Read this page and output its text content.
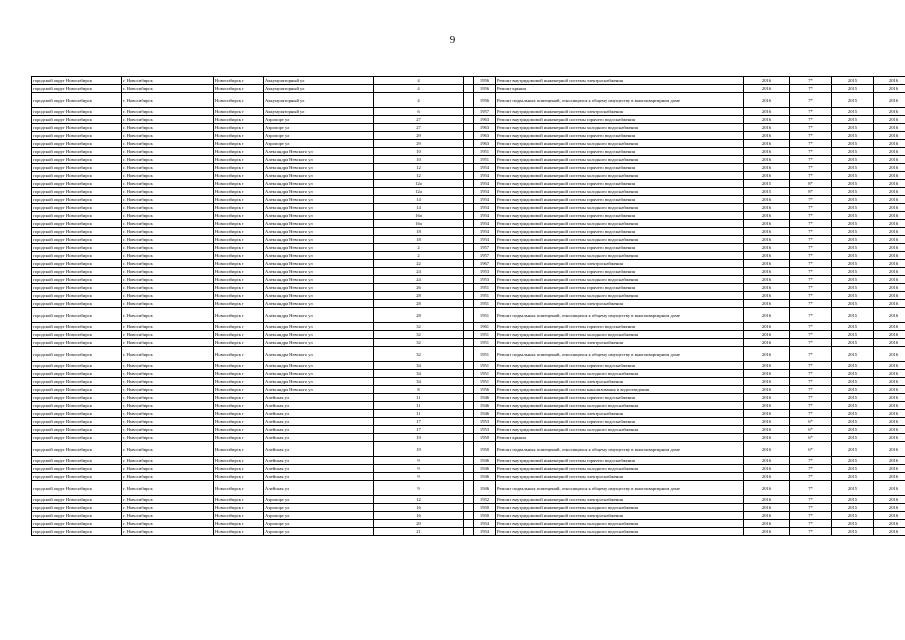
9
городской округ Новосибирск	г. Новосибирск	Новосибирск г	Аккумуляторный ул	4		1956	Ремонт внутридомовой инженерной системы электроснабжения	2016	7*	2015	2016
городской округ Новосибирск	г. Новосибирск	Новосибирск г	Аккумуляторный ул	4		1956	Ремонт крыши	2016	7*	2015	2016
городской округ Новосибирск	г. Новосибирск	Новосибирск г	Аккумуляторный ул	4		1956	Ремонт подвальных помещений, относящихся к общему имуществу в многоквартирном доме	2016	7*	2015	2016
городской округ Новосибирск	г. Новосибирск	Новосибирск г	Аккумуляторный ул	6		1957	Ремонт внутридомовой инженерной системы электроснабжения	2016	7*	2015	2016
городской округ Новосибирск	г. Новосибирск	Новосибирск г	Аэропорт ул	27		1963	Ремонт внутридомовой инженерной системы горячего водоснабжения	2016	7*	2015	2016
городской округ Новосибирск	г. Новосибирск	Новосибирск г	Аэропорт ул	27		1963	Ремонт внутридомовой инженерной системы холодного водоснабжения	2016	7*	2015	2016
городской округ Новосибирск	г. Новосибирск	Новосибирск г	Аэропорт ул	29		1963	Ремонт внутридомовой инженерной системы горячего водоснабжения	2016	7*	2015	2016
городской округ Новосибирск	г. Новосибирск	Новосибирск г	Аэропорт ул	29		1963	Ремонт внутридомовой инженерной системы холодного водоснабжения	2016	7*	2015	2016
городской округ Новосибирск	г. Новосибирск	Новосибирск г	Александра Невского ул	10		1951	Ремонт внутридомовой инженерной системы горячего водоснабжения	2016	7*	2015	2016
городской округ Новосибирск	г. Новосибирск	Новосибирск г	Александра Невского ул	10		1951	Ремонт внутридомовой инженерной системы холодного водоснабжения	2016	7*	2015	2016
городской округ Новосибирск	г. Новосибирск	Новосибирск г	Александра Невского ул	12		1954	Ремонт внутридомовой инженерной системы горячего водоснабжения	2016	7*	2015	2016
городской округ Новосибирск	г. Новосибирск	Новосибирск г	Александра Невского ул	12		1954	Ремонт внутридомовой инженерной системы холодного водоснабжения	2016	7*	2015	2016
городской округ Новосибирск	г. Новосибирск	Новосибирск г	Александра Невского ул	12a		1954	Ремонт внутридомовой инженерной системы горячего водоснабжения	2015	8*	2015	2016
городской округ Новосибирск	г. Новосибирск	Новосибирск г	Александра Невского ул	12a		1954	Ремонт внутридомовой инженерной системы холодного водоснабжения	2015	8*	2015	2016
городской округ Новосибирск	г. Новосибирск	Новосибирск г	Александра Невского ул	14		1954	Ремонт внутридомовой инженерной системы горячего водоснабжения	2016	7*	2015	2016
городской округ Новосибирск	г. Новосибирск	Новосибирск г	Александра Невского ул	14		1954	Ремонт внутридомовой инженерной системы холодного водоснабжения	2016	7*	2015	2016
городской округ Новосибирск	г. Новосибирск	Новосибирск г	Александра Невского ул	16a		1954	Ремонт внутридомовой инженерной системы горячего водоснабжения	2016	7*	2015	2016
городской округ Новосибирск	г. Новосибирск	Новосибирск г	Александра Невского ул	16a		1954	Ремонт внутридомовой инженерной системы холодного водоснабжения	2016	7*	2015	2016
городской округ Новосибирск	г. Новосибирск	Новосибирск г	Александра Невского ул	18		1954	Ремонт внутридомовой инженерной системы горячего водоснабжения	2016	7*	2015	2016
городской округ Новосибирск	г. Новосибирск	Новосибирск г	Александра Невского ул	18		1954	Ремонт внутридомовой инженерной системы холодного водоснабжения	2016	7*	2015	2016
городской округ Новосибирск	г. Новосибирск	Новосибирск г	Александра Невского ул	2		1957	Ремонт внутридомовой инженерной системы горячего водоснабжения	2016	7*	2015	2016
городской округ Новосибирск	г. Новосибирск	Новосибирск г	Александра Невского ул	2		1957	Ремонт внутридомовой инженерной системы холодного водоснабжения	2016	7*	2015	2016
городской округ Новосибирск	г. Новосибирск	Новосибирск г	Александра Невского ул	22		1967	Ремонт внутридомовой инженерной системы электроснабжения	2016	7*	2015	2016
городской округ Новосибирск	г. Новосибирск	Новосибирск г	Александра Невского ул	24		1953	Ремонт внутридомовой инженерной системы горячего водоснабжения	2016	7*	2015	2016
городской округ Новосибирск	г. Новосибирск	Новосибирск г	Александра Невского ул	24		1953	Ремонт внутридомовой инженерной системы холодного водоснабжения	2016	7*	2015	2016
городской округ Новосибирск	г. Новосибирск	Новосибирск г	Александра Невского ул	26		1951	Ремонт внутридомовой инженерной системы горячего водоснабжения	2016	7*	2015	2016
городской округ Новосибирск	г. Новосибирск	Новосибирск г	Александра Невского ул	28		1951	Ремонт внутридомовой инженерной системы холодного водоснабжения	2016	7*	2015	2016
городской округ Новосибирск	г. Новосибирск	Новосибирск г	Александра Невского ул	28		1951	Ремонт внутридомовой инженерной системы электроснабжения	2016	7*	2015	2016
городской округ Новосибирск	г. Новосибирск	Новосибирск г	Александра Невского ул	28		1951	Ремонт подвальных помещений, относящихся к общему имуществу в многоквартирном доме	2016	7*	2015	2016
городской округ Новосибирск	г. Новосибирск	Новосибирск г	Александра Невского ул	32		1961	Ремонт внутридомовой инженерной системы горячего водоснабжения	2016	7*	2015	2016
городской округ Новосибирск	г. Новосибирск	Новосибирск г	Александра Невского ул	32		1951	Ремонт внутридомовой инженерной системы холодного водоснабжения	2016	7*	2015	2016
городской округ Новосибирск	г. Новосибирск	Новосибирск г	Александра Невского ул	32		1951	Ремонт внутридомовой инженерной системы электроснабжения	2016	7*	2015	2016
городской округ Новосибирск	г. Новосибирск	Новосибирск г	Александра Невского ул	32		1951	Ремонт подвальных помещений, относящихся к общему имуществу в многоквартирном доме	2016	7*	2015	2016
городской округ Новосибирск	г. Новосибирск	Новосибирск г	Александра Невского ул	34		1951	Ремонт внутридомовой инженерной системы горячего водоснабжения	2016	7*	2015	2016
городской округ Новосибирск	г. Новосибирск	Новосибирск г	Александра Невского ул	34		1951	Ремонт внутридомовой инженерной системы холодного водоснабжения	2016	7*	2015	2016
городской округ Новосибирск	г. Новосибирск	Новосибирск г	Александра Невского ул	34		1951	Ремонт внутридомовой инженерной системы электроснабжения	2016	7*	2015	2016
городской округ Новосибирск	г. Новосибирск	Новосибирск г	Александра Невского ул	8		1956	Ремонт внутридомовой инженерной системы канализования и водоотведения	2016	7*	2015	2016
городской округ Новосибирск	г. Новосибирск	Новосибирск г	Алейская ул	11		1946	Ремонт внутридомовой инженерной системы горячего водоснабжения	2016	7*	2015	2016
городской округ Новосибирск	г. Новосибирск	Новосибирск г	Алейская ул	11		1946	Ремонт внутридомовой инженерной системы холодного водоснабжения	2016	7*	2015	2016
городской округ Новосибирск	г. Новосибирск	Новосибирск г	Алейская ул	11		1946	Ремонт внутридомовой инженерной системы электроснабжения	2016	7*	2015	2016
городской округ Новосибирск	г. Новосибирск	Новосибирск г	Алейская ул	17		1953	Ремонт внутридомовой инженерной системы горячего водоснабжения	2016	6*	2015	2016
городской округ Новосибирск	г. Новосибирск	Новосибирск г	Алейская ул	17		1953	Ремонт внутридомовой инженерной системы холодного водоснабжения	2016	6*	2015	2016
городской округ Новосибирск	г. Новосибирск	Новосибирск г	Алейская ул	19		1950	Ремонт крыши	2016	6*	2015	2016
городской округ Новосибирск	г. Новосибирск	Новосибирск г	Алейская ул	19		1950	Ремонт подвальных помещений, относящихся к общему имуществу в многоквартирном доме	2016	6*	2015	2016
городской округ Новосибирск	г. Новосибирск	Новосибирск г	Алейская ул	9		1946	Ремонт внутридомовой инженерной системы горячего водоснабжения	2016	7*	2015	2016
городской округ Новосибирск	г. Новосибирск	Новосибирск г	Алейская ул	9		1946	Ремонт внутридомовой инженерной системы холодного водоснабжения	2016	7*	2015	2016
городской округ Новосибирск	г. Новосибирск	Новосибирск г	Алейская ул	9		1946	Ремонт внутридомовой инженерной системы электроснабжения	2016	7*	2015	2016
городской округ Новосибирск	г. Новосибирск	Новосибирск г	Алейская ул	9		1946	Ремонт подвальных помещений, относящихся к общему имуществу в многоквартирном доме	2016	7*	2015	2016
городской округ Новосибирск	г. Новосибирск	Новосибирск г	Аэропорт ул	12		1952	Ремонт внутридомовой инженерной системы электроснабжения	2016	7*	2015	2016
городской округ Новосибирск	г. Новосибирск	Новосибирск г	Аэропорт ул	16		1950	Ремонт внутридомовой инженерной системы холодного водоснабжения	2016	7*	2015	2016
городской округ Новосибирск	г. Новосибирск	Новосибирск г	Аэропорт ул	16		1950	Ремонт внутридомовой инженерной системы электроснабжения	2016	7*	2015	2016
городской округ Новосибирск	г. Новосибирск	Новосибирск г	Аэропорт ул	20		1954	Ремонт внутридомовой инженерной системы холодного водоснабжения	2016	7*	2015	2016
городской округ Новосибирск	г. Новосибирск	Новосибирск г	Аэропорт ул	21		1954	Ремонт внутридомовой инженерной системы холодного водоснабжения	2016	7*	2015	2016
